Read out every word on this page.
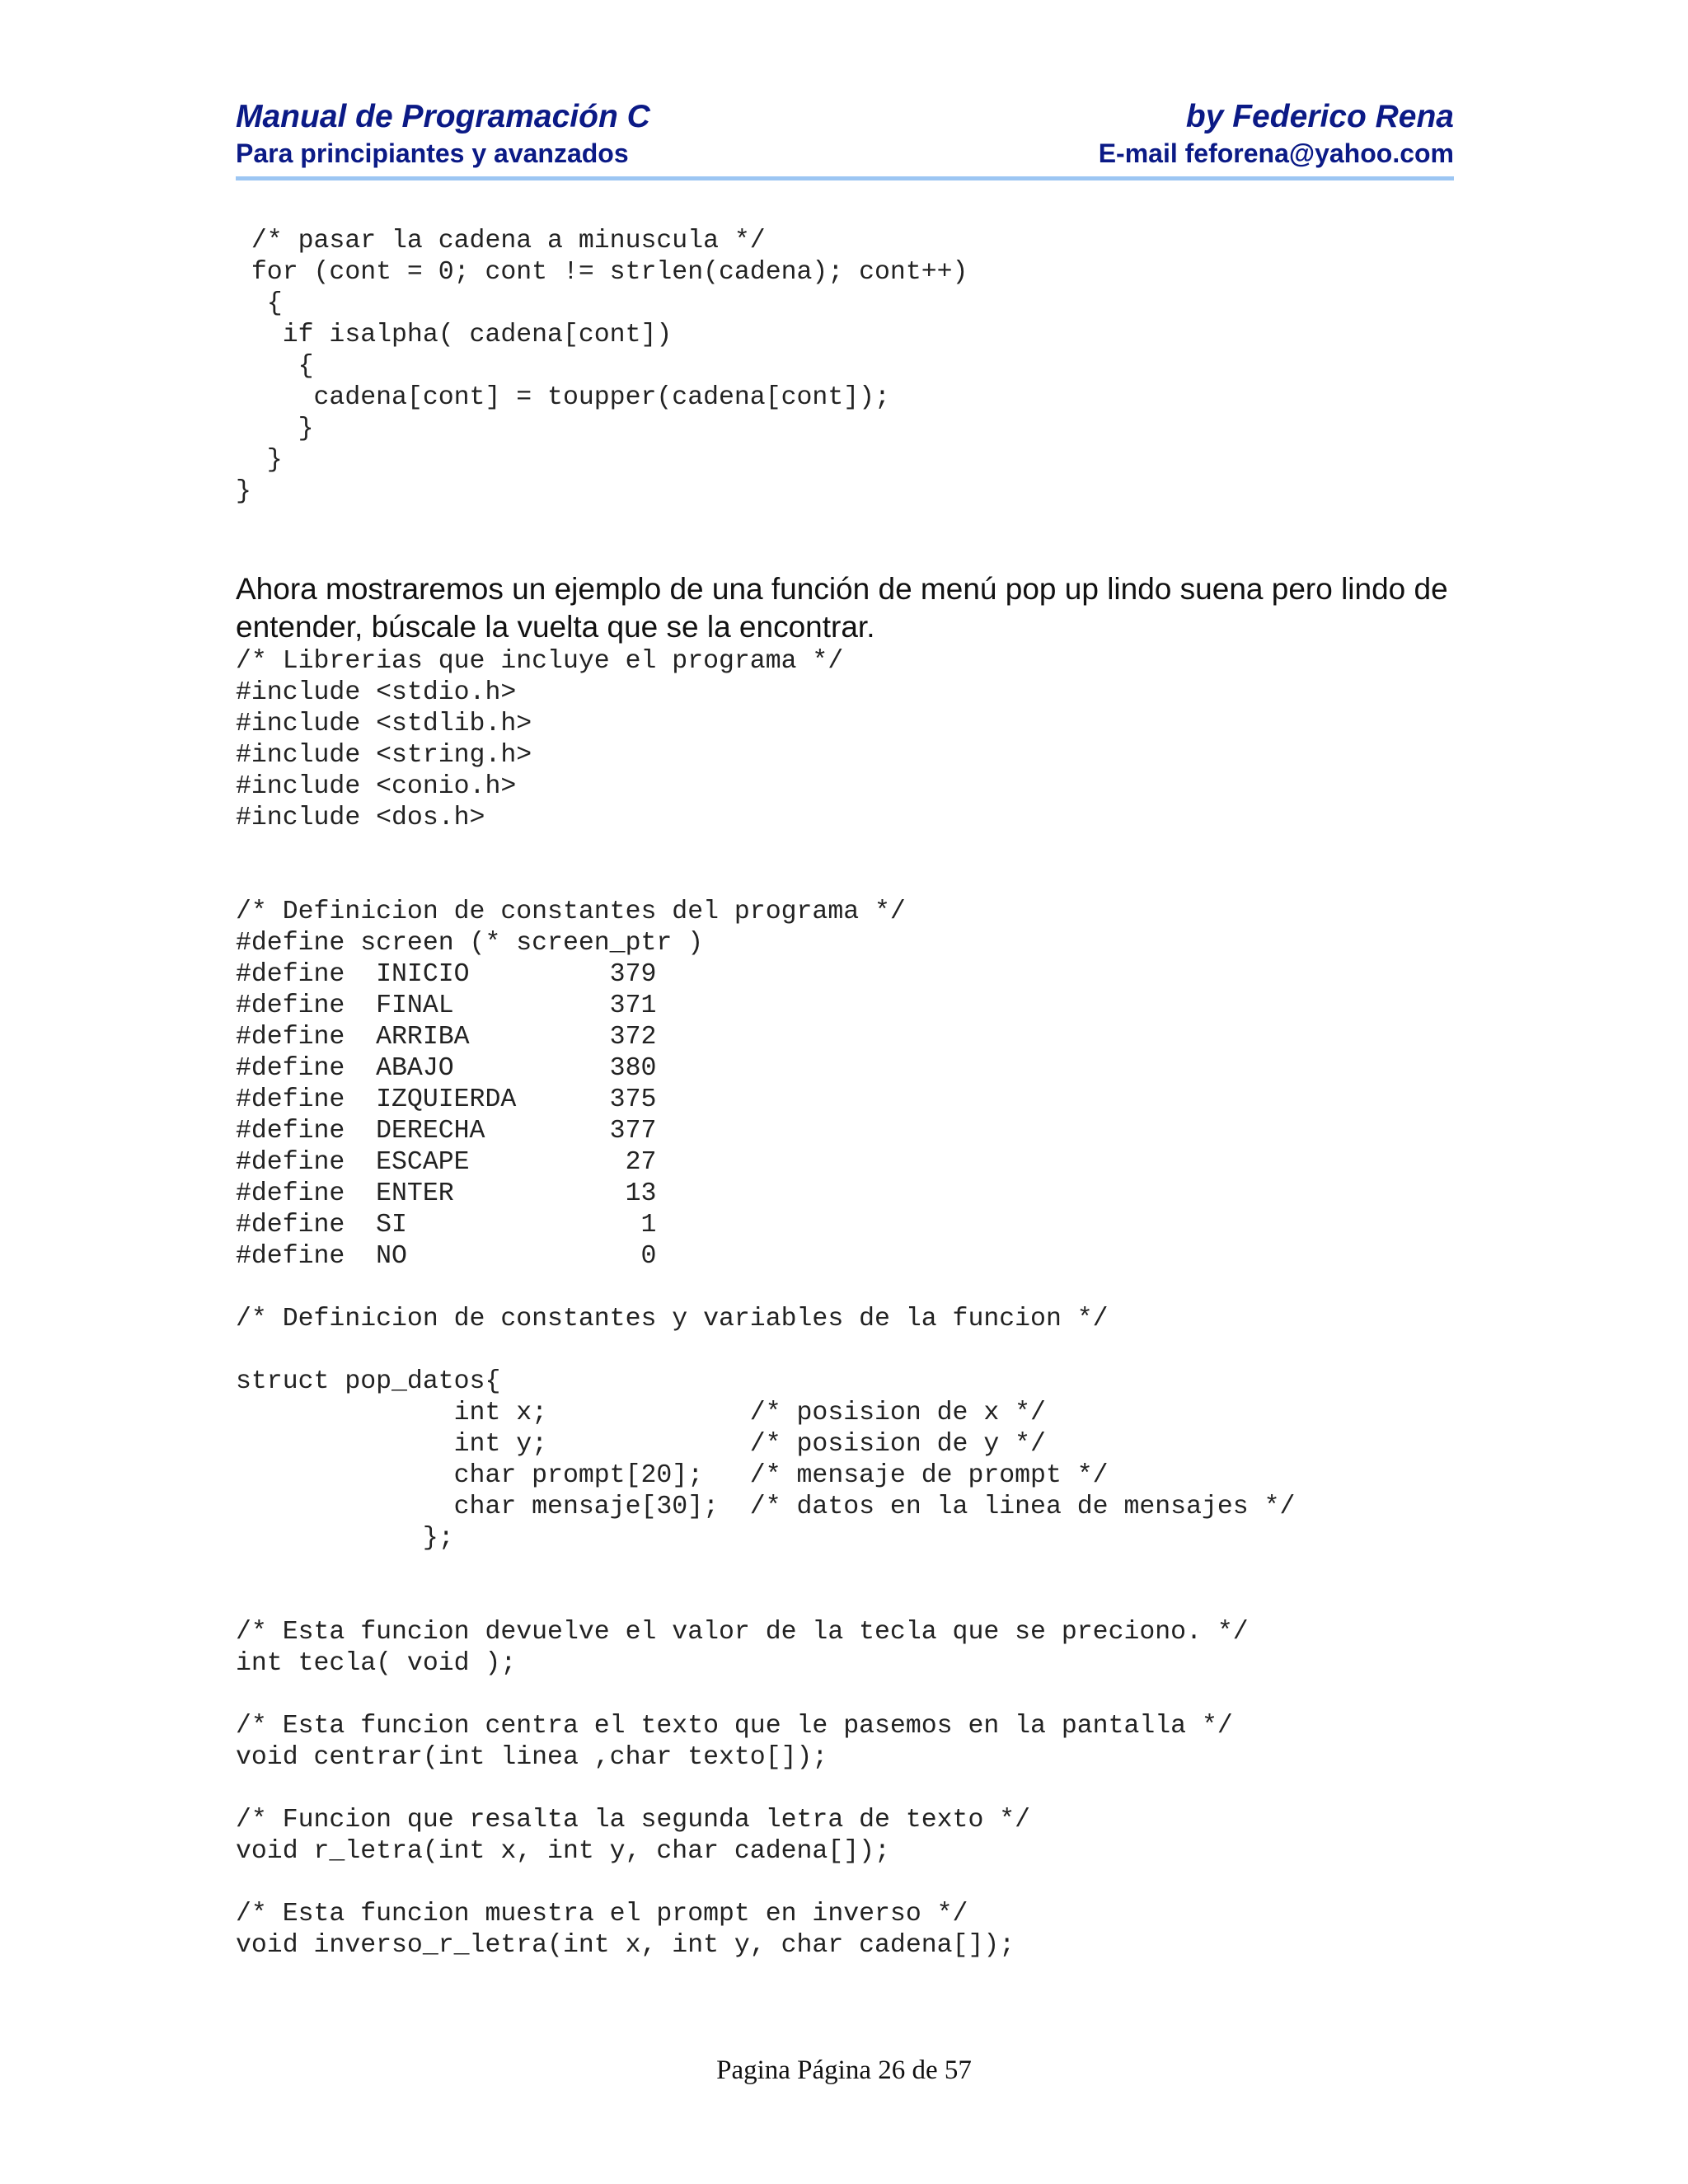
Manual de Programación C	by Federico Rena
Para principiantes y avanzados	E-mail feforena@yahoo.com
/* pasar la cadena a minuscula */
for (cont = 0; cont != strlen(cadena); cont++)
{
if isalpha( cadena[cont])
{
cadena[cont] = toupper(cadena[cont]);
}
}
}

Ahora mostraremos un ejemplo de una función de menú pop up lindo suena pero lindo de entender, búscale la vuelta que se la encontrar.

/* Librerias que incluye el programa */
#include <stdio.h>
#include <stdlib.h>
#include <string.h>
#include <conio.h>
#include <dos.h>

/* Definicion de constantes del programa */
#define screen (* screen_ptr )
#define  INICIO         379
#define  FINAL          371
#define  ARRIBA         372
#define  ABAJO          380
#define  IZQUIERDA      375
#define  DERECHA        377
#define  ESCAPE          27
#define  ENTER           13
#define  SI               1
#define  NO               0

/* Definicion de constantes y variables de la funcion */

struct pop_datos{
int x;             /* posision de x */
int y;             /* posision de y */
char prompt[20];   /* mensaje de prompt */
char mensaje[30];  /* datos en la linea de mensajes */
};

/* Esta funcion devuelve el valor de la tecla que se preciono. */
int tecla( void );

/* Esta funcion centra el texto que le pasemos en la pantalla */
void centrar(int linea ,char texto[]);

/* Funcion que resalta la segunda letra de texto */
void r_letra(int x, int y, char cadena[]);

/* Esta funcion muestra el prompt en inverso */
void inverso_r_letra(int x, int y, char cadena[]);
Pagina Página 26 de 57
